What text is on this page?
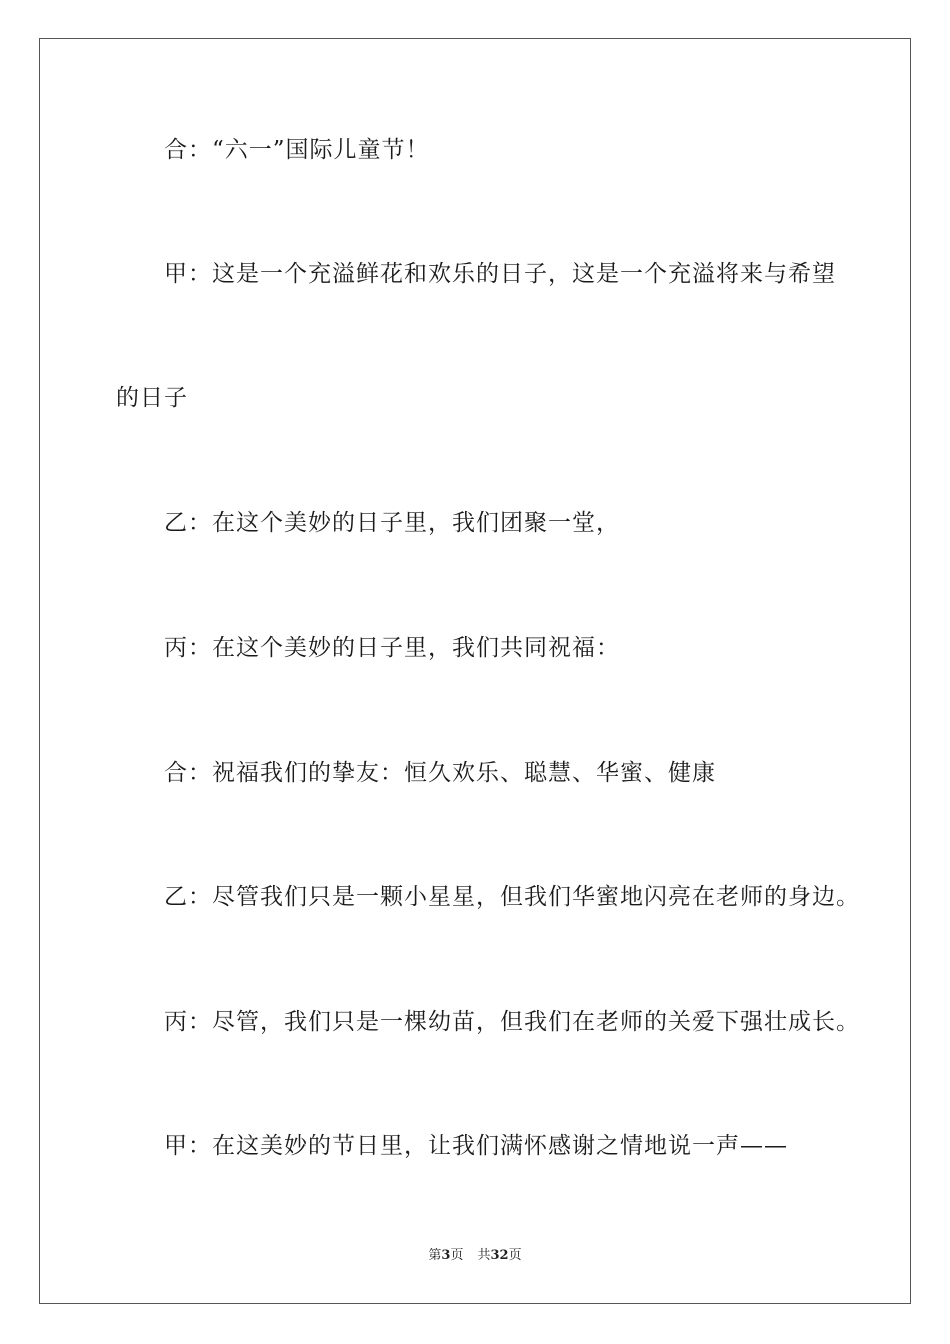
合：“六一”国际儿童节！
甲：这是一个充溢鲜花和欢乐的日子，这是一个充溢将来与希望
的日子
乙：在这个美妙的日子里，我们团聚一堂，
丙：在这个美妙的日子里，我们共同祝福：
合：祝福我们的挚友：恒久欢乐、聪慧、华蜜、健康
乙：尽管我们只是一颗小星星，但我们华蜜地闪亮在老师的身边。
丙：尽管，我们只是一棵幼苗，但我们在老师的关爱下强壮成长。
甲：在这美妙的节日里，让我们满怀感谢之情地说一声——
第3页 共32页
